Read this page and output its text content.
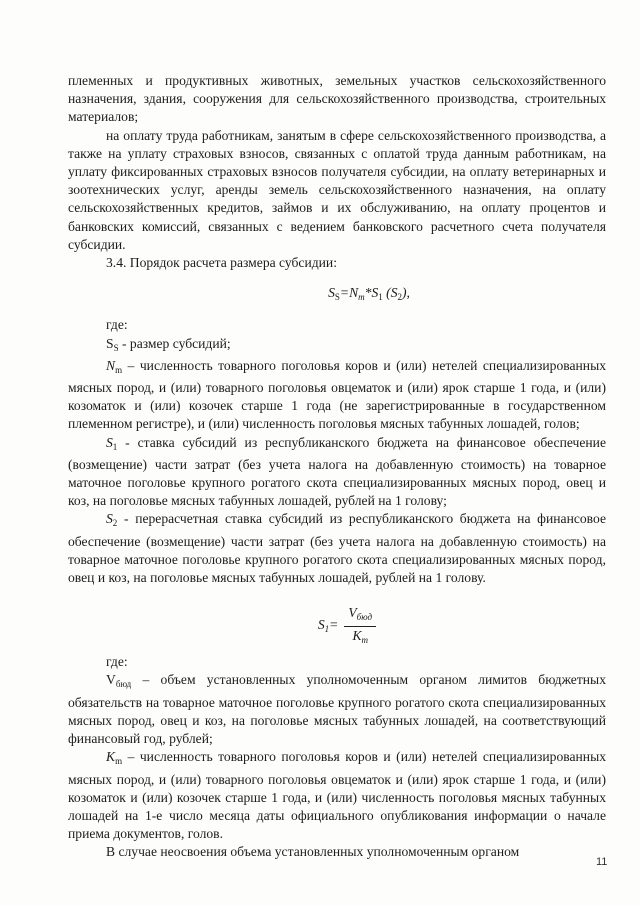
племенных и продуктивных животных, земельных участков сельскохозяйственного назначения, здания, сооружения для сельскохозяйственного производства, строительных материалов;

на оплату труда работникам, занятым в сфере сельскохозяйственного производства, а также на уплату страховых взносов, связанных с оплатой труда данным работникам, на уплату фиксированных страховых взносов получателя субсидии, на оплату ветеринарных и зоотехнических услуг, аренды земель сельскохозяйственного назначения, на оплату сельскохозяйственных кредитов, займов и их обслуживанию, на оплату процентов и банковских комиссий, связанных с ведением банковского расчетного счета получателя субсидии.

3.4. Порядок расчета размера субсидии:

$S_S=N_m*S_1$ $(S_2)$,

где:

$S_S$ - размер субсидий;

$N_m$ – численность товарного поголовья коров и (или) нетелей специализированных мясных пород, и (или) товарного поголовья овцематок и (или) ярок старше 1 года, и (или) козоматок и (или) козочек старше 1 года (не зарегистрированные в государственном племенном регистре), и (или) численность поголовья мясных табунных лошадей, голов;

$S_1$ - ставка субсидий из республиканского бюджета на финансовое обеспечение (возмещение) части затрат (без учета налога на добавленную стоимость) на товарное маточное поголовье крупного рогатого скота специализированных мясных пород, овец и коз, на поголовье мясных табунных лошадей, рублей на 1 голову;

$S_2$ - перерасчетная ставка субсидий из республиканского бюджета на финансовое обеспечение (возмещение) части затрат (без учета налога на добавленную стоимость) на товарное маточное поголовье крупного рогатого скота специализированных мясных пород, овец и коз, на поголовье мясных табунных лошадей, рублей на 1 голову.

$S_1= \frac{V_{бюд}}{K_m}$

где:

$V_{бюд}$ – объем установленных уполномоченным органом лимитов бюджетных обязательств на товарное маточное поголовье крупного рогатого скота специализированных мясных пород, овец и коз, на поголовье мясных табунных лошадей, на соответствующий финансовый год, рублей;

$K_m$ – численность товарного поголовья коров и (или) нетелей специализированных мясных пород, и (или) товарного поголовья овцематок и (или) ярок старше 1 года, и (или) козоматок и (или) козочек старше 1 года, и (или) численность поголовья мясных табунных лошадей на 1-е число месяца даты официального опубликования информации о начале приема документов, голов.

В случае неосвоения объема установленных уполномоченным органом

11
